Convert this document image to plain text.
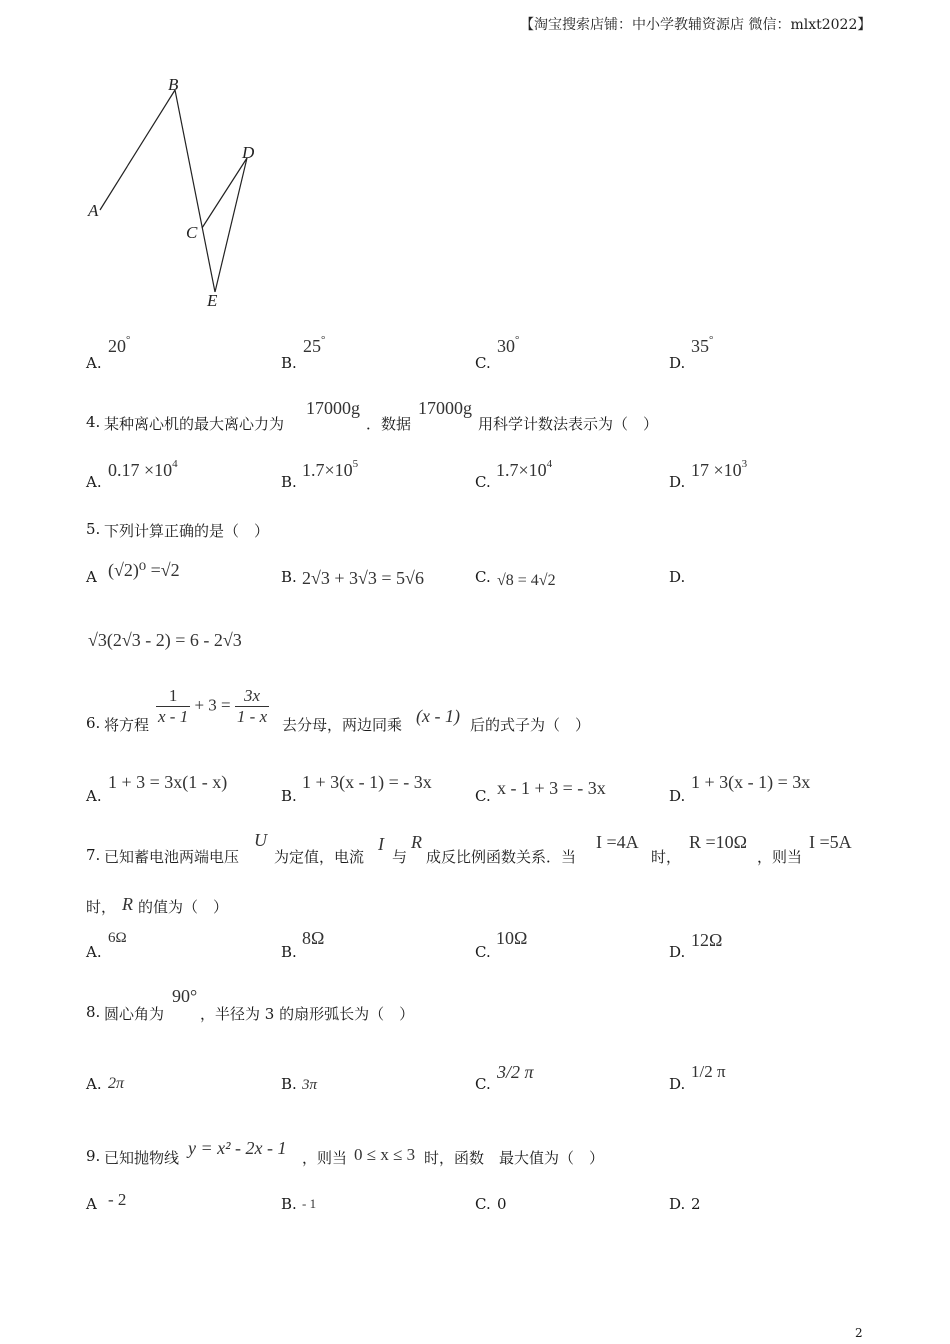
【淘宝搜索店铺：中小学教辅资源店 微信：mlxt2022】
A
B
C
D
E
A.
20°
B.
25°
C.
30°
D.
35°
4. 某种离心机的最大离心力为
17000g
．数据
17000g
用科学计数法表示为（　）
A.
$0.17 \times 10^4$
B.
$1.7\times 10^5$
C.
$1.7\times 10^4$
D.
$17 \times 10^3$
5. 下列计算正确的是（　）
A (√2)⁰ =√2	B. 2√3 + 3√3 = 5√6	C. √8 = 4√2	D.
√3(2√3 - 2) = 6 - 2√3
6. 将方程 $\frac{1}{x - 1} + 3 = \frac{3x}{1 - x}$ 去分母，两边同乘 (x - 1) 后的式子为（　）
A.
1 + 3 = 3x(1 - x)
B.
1 + 3(x - 1) = - 3x
C. x - 1 + 3 = - 3x	D.
1 + 3(x - 1) = 3x
7. 已知蓄电池两端电压
U
为定值，电流
I
与
R
成反比例函数关系．当
I =4A
时，
R =10Ω
，则当
I =5A
时， R 的值为（　）
A.
6Ω
B.
8Ω
C.
10Ω
D.
12Ω
8. 圆心角为
90°
，半径为 3 的扇形弧长为（　）
A. 2π	B. 3π	C.
3/2 π
D.
1/2 π
9. 已知抛物线 y = x² - 2x - 1 ，则当 0 ≤ x ≤ 3 时，函数　最大值为（　）
A - 2	B. - 1	C. 0	D. 2
2
